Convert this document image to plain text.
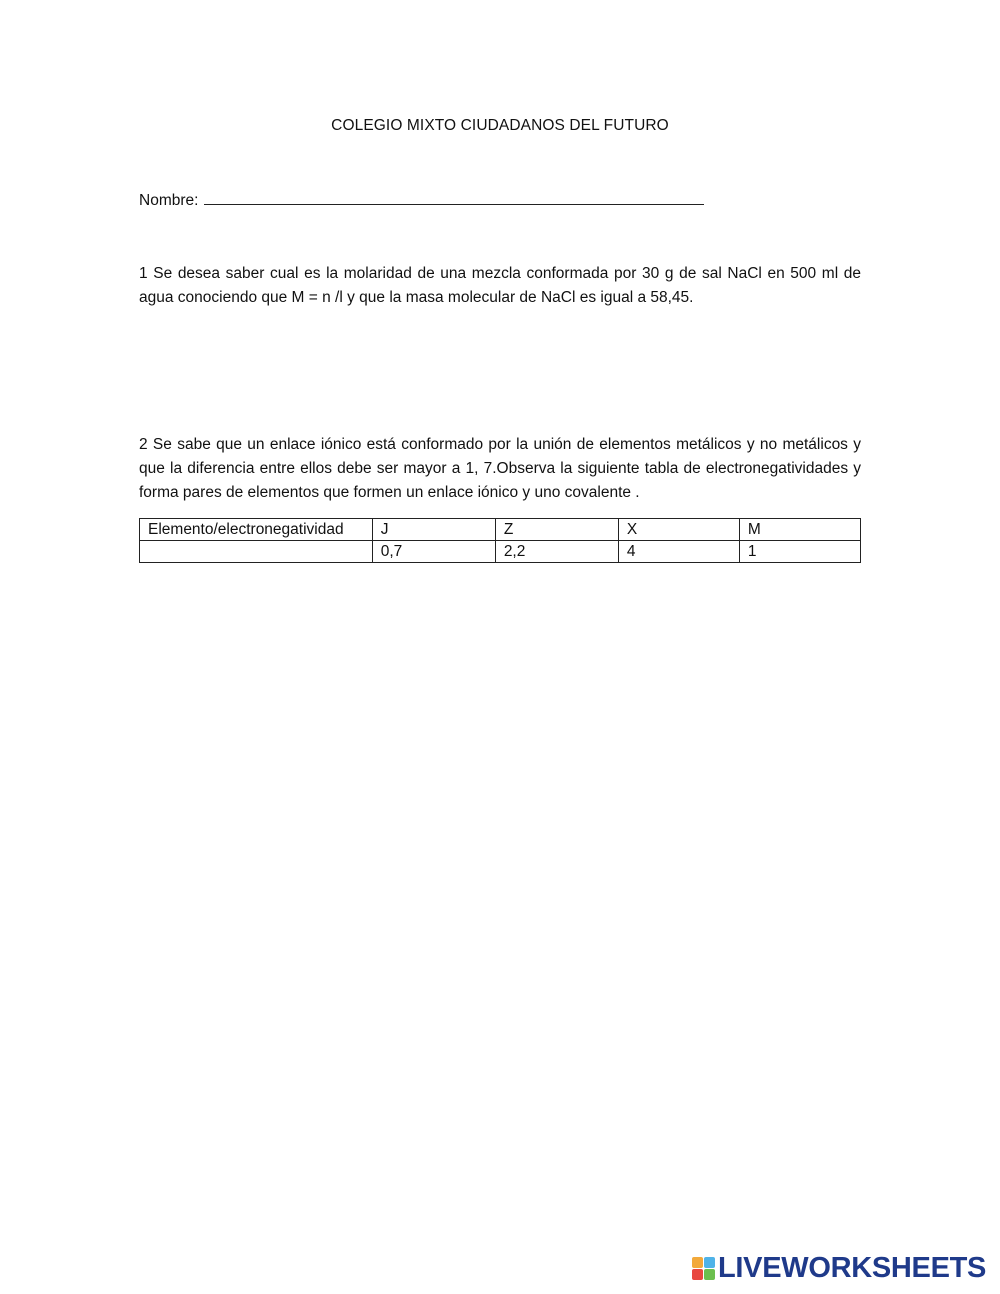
COLEGIO MIXTO CIUDADANOS DEL FUTURO
Nombre:
1 Se desea saber cual es la molaridad de una mezcla conformada por 30 g de sal NaCl en 500 ml de agua conociendo que M = n /l y que la masa molecular de NaCl es igual a 58,45.
2 Se sabe que un enlace iónico está conformado por la unión de elementos metálicos y no metálicos y que la diferencia entre ellos debe ser mayor a 1, 7.Observa la siguiente tabla de electronegatividades y forma pares de elementos que formen un enlace iónico y uno covalente .
Elemento/electronegatividad	J	Z	X	M
	0,7	2,2	4	1
LIVEWORKSHEETS
